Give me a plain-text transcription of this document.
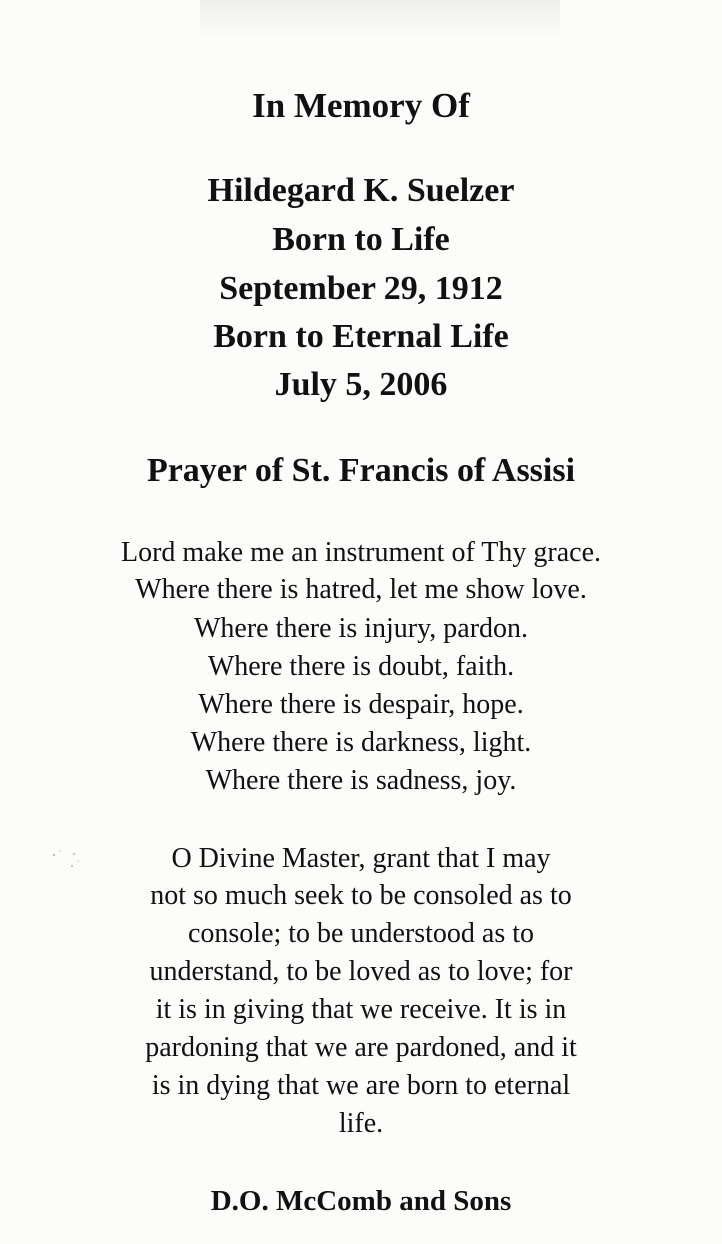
In Memory Of
Hildegard K. Suelzer
Born to Life
September 29, 1912
Born to Eternal Life
July 5, 2006
Prayer of St. Francis of Assisi
Lord make me an instrument of Thy grace.
Where there is hatred, let me show love.
Where there is injury, pardon.
Where there is doubt, faith.
Where there is despair, hope.
Where there is darkness, light.
Where there is sadness, joy.
O Divine Master, grant that I may
not so much seek to be consoled as to
console; to be understood as to
understand, to be loved as to love; for
it is in giving that we receive. It is in
pardoning that we are pardoned, and it
is in dying that we are born to eternal
life.
D.O. McComb and Sons
